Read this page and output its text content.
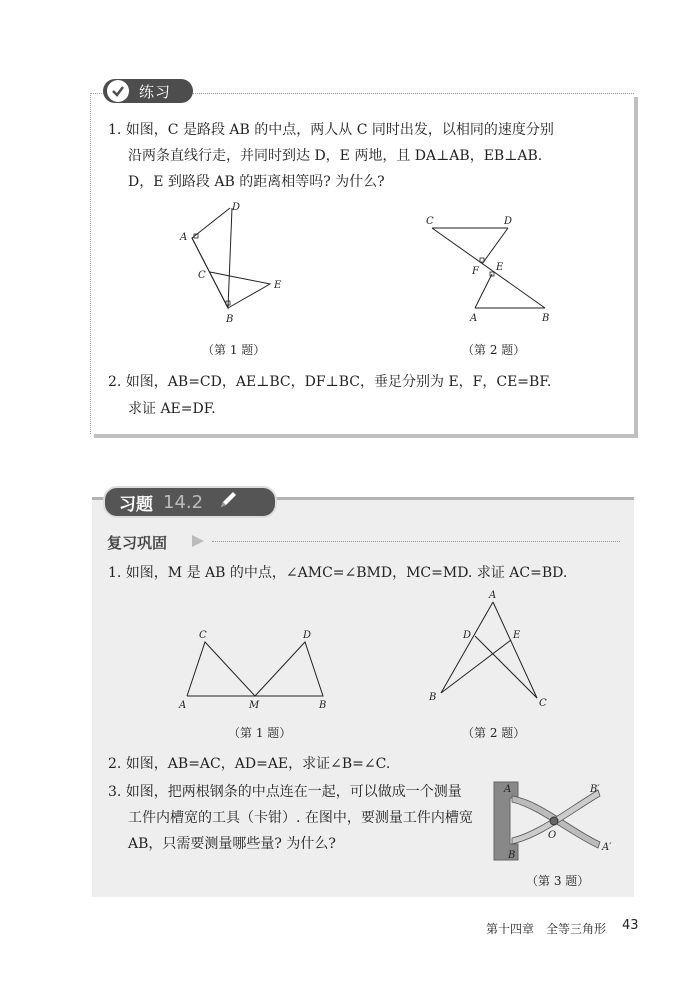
练习
1. 如图，C 是路段 AB 的中点，两人从 C 同时出发，以相同的速度分别
沿两条直线行走，并同时到达 D，E 两地，且 DA⊥AB，EB⊥AB.
D，E 到路段 AB 的距离相等吗? 为什么?
D
A
C
E
B
（第 1 题）
C	D
F E
A	B
（第 2 题）
2. 如图，AB=CD，AE⊥BC，DF⊥BC，垂足分别为 E，F，CE=BF.
求证 AE=DF.
习题 14.2
复习巩固
1. 如图，M 是 AB 的中点，∠AMC=∠BMD，MC=MD. 求证 AC=BD.
C	D
A	M	B
（第 1 题）
A
D	E
B
C
（第 2 题）
2. 如图，AB=AC，AD=AE，求证∠B=∠C.
3. 如图，把两根钢条的中点连在一起，可以做成一个测量
工件内槽宽的工具（卡钳）. 在图中，要测量工件内槽宽
AB，只需要测量哪些量? 为什么?
A	B′
O
B
A′
（第 3 题）
第十四章　全等三角形 43
